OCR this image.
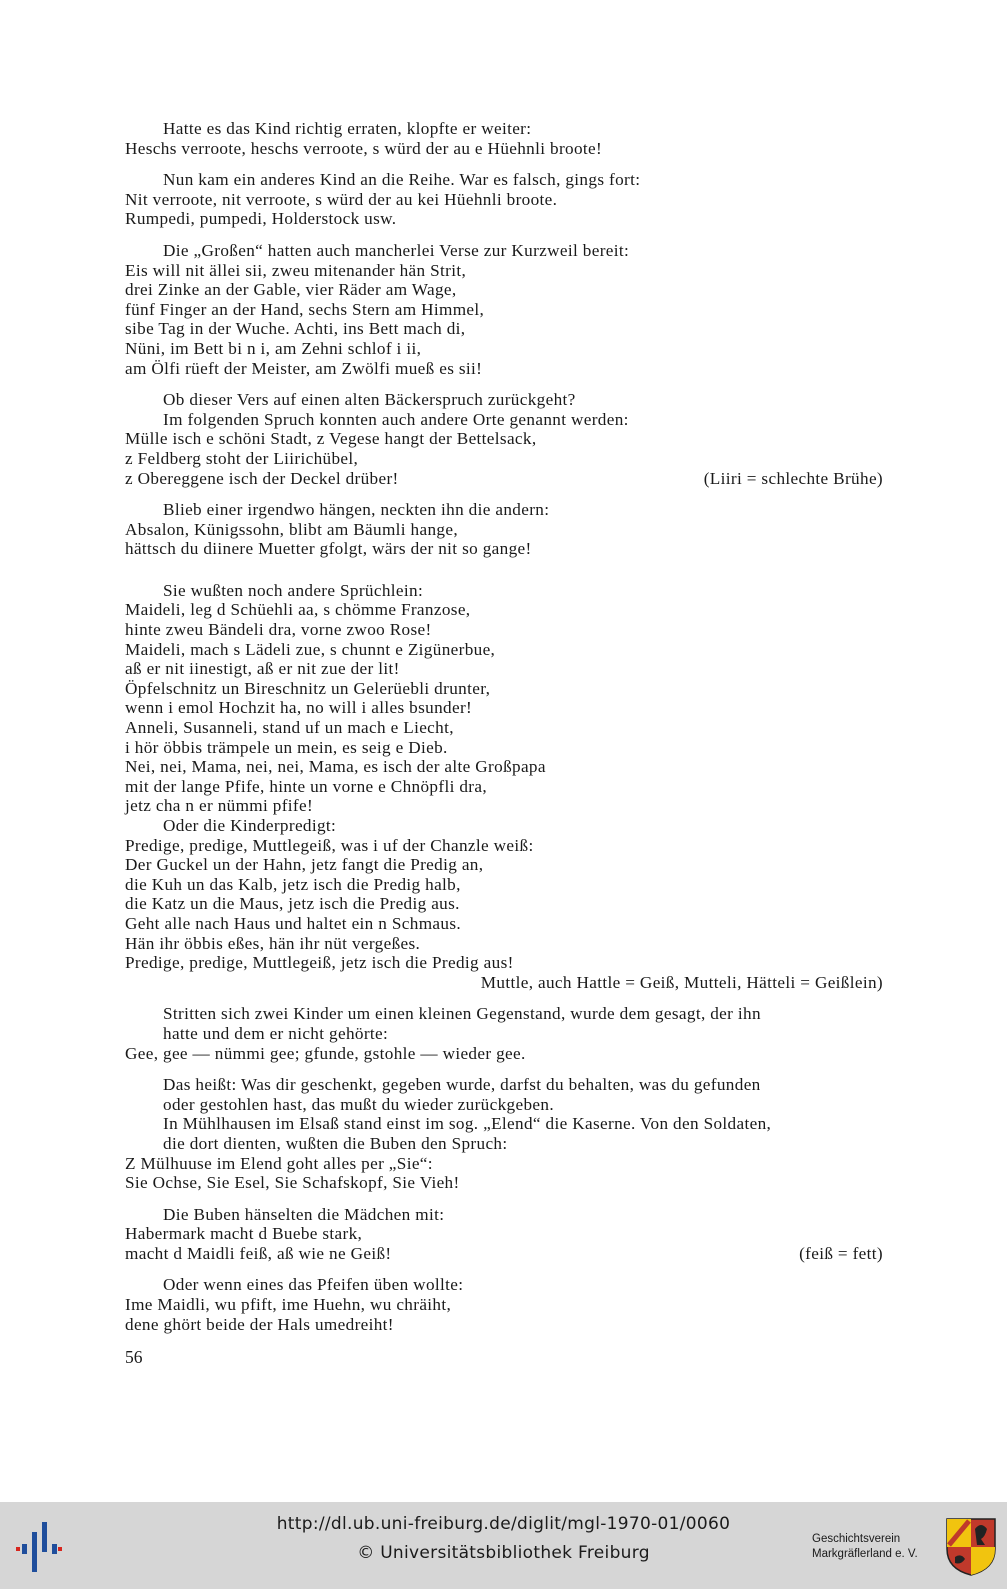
Hatte es das Kind richtig erraten, klopfte er weiter:
Heschs verroote, heschs verroote, s würd der au e Hüehnli broote!
Nun kam ein anderes Kind an die Reihe. War es falsch, gings fort:
Nit verroote, nit verroote, s würd der au kei Hüehnli broote.
Rumpedi, pumpedi, Holderstock usw.
Die „Großen“ hatten auch mancherlei Verse zur Kurzweil bereit:
Eis will nit ällei sii, zweu mitenander hän Strit,
drei Zinke an der Gable, vier Räder am Wage,
fünf Finger an der Hand, sechs Stern am Himmel,
sibe Tag in der Wuche. Achti, ins Bett mach di,
Nüni, im Bett bi n i, am Zehni schlof i ii,
am Ölfi rüeft der Meister, am Zwölfi mueß es sii!
Ob dieser Vers auf einen alten Bäckerspruch zurückgeht?
Im folgenden Spruch konnten auch andere Orte genannt werden:
Mülle isch e schöni Stadt, z Vegese hangt der Bettelsack,
z Feldberg stoht der Liirichübel,
z Obereggene isch der Deckel drüber!	(Liiri = schlechte Brühe)
Blieb einer irgendwo hängen, neckten ihn die andern:
Absalon, Künigssohn, blibt am Bäumli hange,
hättsch du diinere Muetter gfolgt, wärs der nit so gange!
Sie wußten noch andere Sprüchlein:
Maideli, leg d Schüehli aa, s chömme Franzose,
hinte zweu Bändeli dra, vorne zwoo Rose!
Maideli, mach s Lädeli zue, s chunnt e Zigünerbue,
aß er nit iinestigt, aß er nit zue der lit!
Öpfelschnitz un Bireschnitz un Gelerüebli drunter,
wenn i emol Hochzit ha, no will i alles bsunder!
Anneli, Susanneli, stand uf un mach e Liecht,
i hör öbbis trämpele un mein, es seig e Dieb.
Nei, nei, Mama, nei, nei, Mama, es isch der alte Großpapa
mit der lange Pfife, hinte un vorne e Chnöpfli dra,
jetz cha n er nümmi pfife!
Oder die Kinderpredigt:
Predige, predige, Muttlegeiß, was i uf der Chanzle weiß:
Der Guckel un der Hahn, jetz fangt die Predig an,
die Kuh un das Kalb, jetz isch die Predig halb,
die Katz un die Maus, jetz isch die Predig aus.
Geht alle nach Haus und haltet ein n Schmaus.
Hän ihr öbbis eßes, hän ihr nüt vergeßes.
Predige, predige, Muttlegeiß, jetz isch die Predig aus!
Muttle, auch Hattle = Geiß, Mutteli, Hätteli = Geißlein)
Stritten sich zwei Kinder um einen kleinen Gegenstand, wurde dem gesagt, der ihn
hatte und dem er nicht gehörte:
Gee, gee — nümmi gee; gfunde, gstohle — wieder gee.
Das heißt: Was dir geschenkt, gegeben wurde, darfst du behalten, was du gefunden
oder gestohlen hast, das mußt du wieder zurückgeben.
In Mühlhausen im Elsaß stand einst im sog. „Elend“ die Kaserne. Von den Soldaten,
die dort dienten, wußten die Buben den Spruch:
Z Mülhuuse im Elend goht alles per „Sie“:
Sie Ochse, Sie Esel, Sie Schafskopf, Sie Vieh!
Die Buben hänselten die Mädchen mit:
Habermark macht d Buebe stark,
macht d Maidli feiß, aß wie ne Geiß!	(feiß = fett)
Oder wenn eines das Pfeifen üben wollte:
Ime Maidli, wu pfift, ime Huehn, wu chräiht,
dene ghört beide der Hals umedreiht!
56
http://dl.ub.uni-freiburg.de/diglit/mgl-1970-01/0060
© Universitätsbibliothek Freiburg
Geschichtsverein
Markgräflerland e. V.
